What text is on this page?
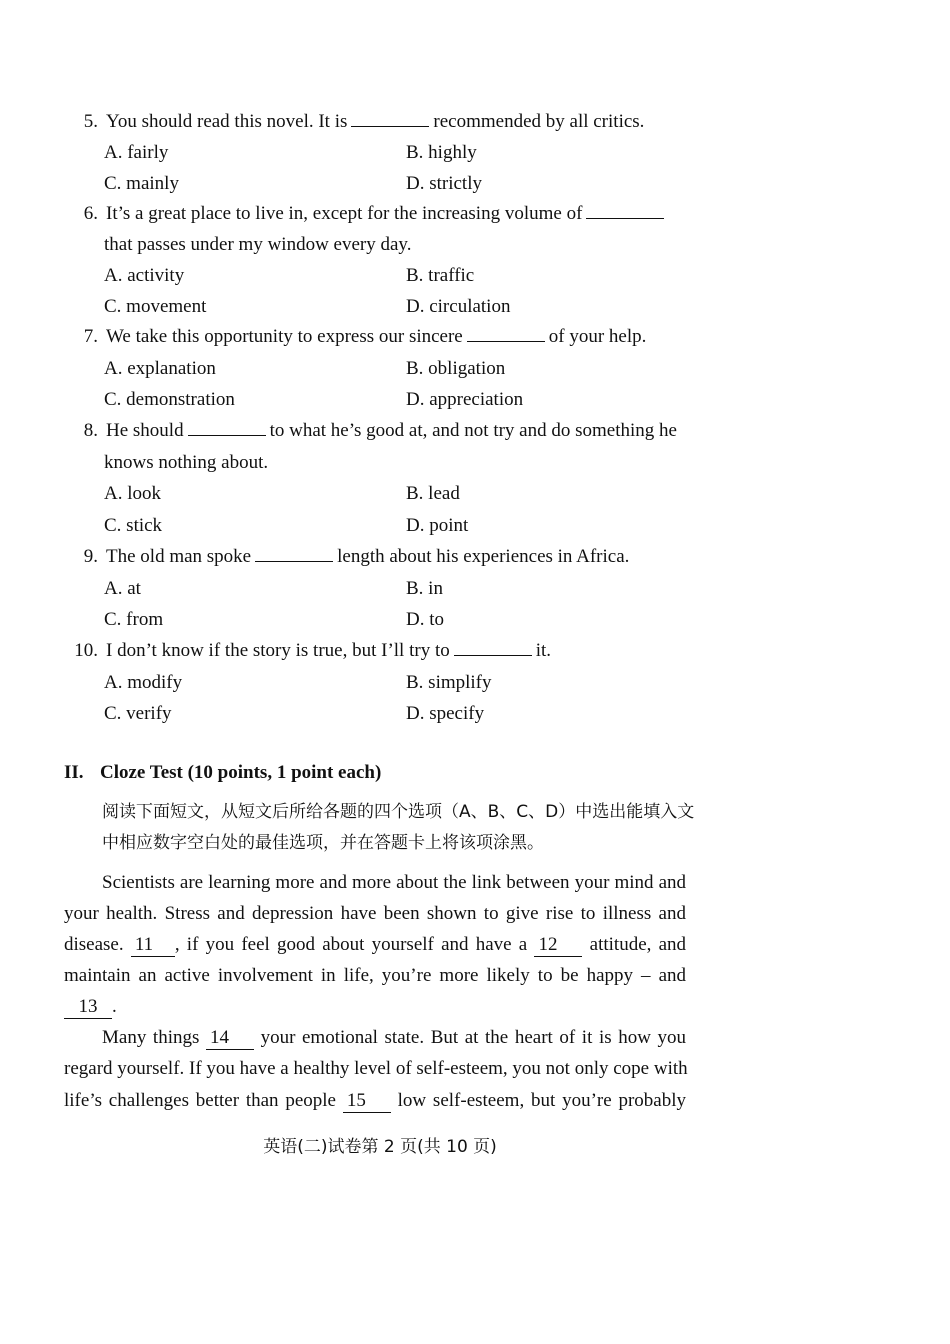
5. You should read this novel. It is	recommended by all critics.
A. fairly	B. highly
C. mainly	D. strictly
6. It’s a great place to live in, except for the increasing volume of
that passes under my window every day.
A. activity	B. traffic
C. movement	D. circulation
7. We take this opportunity to express our sincere	of your help.
A. explanation	B. obligation
C. demonstration	D. appreciation
8. He should	to what he’s good at, and not try and do something he
knows nothing about.
A. look	B. lead
C. stick	D. point
9. The old man spoke	length about his experiences in Africa.
A. at	B. in
C. from	D. to
10. I don’t know if the story is true, but I’ll try to	it.
A. modify	B. simplify
C. verify	D. specify
II. Cloze Test (10 points, 1 point each)
阅读下面短文，从短文后所给各题的四个选项（A、B、C、D）中选出能填入文
中相应数字空白处的最佳选项，并在答题卡上将该项涂黑。
Scientists are learning more and more about the link between your mind and
your health. Stress and depression have been shown to give rise to illness and
disease. 11 , if you feel good about yourself and have a 12 attitude, and
maintain an active involvement in life, you’re more likely to be happy – and
13 .
Many things 14 your emotional state. But at the heart of it is how you
regard yourself. If you have a healthy level of self-esteem, you not only cope with
life’s challenges better than people 15 low self-esteem, but you’re probably
英语(二)试卷第 2 页(共 10 页)
